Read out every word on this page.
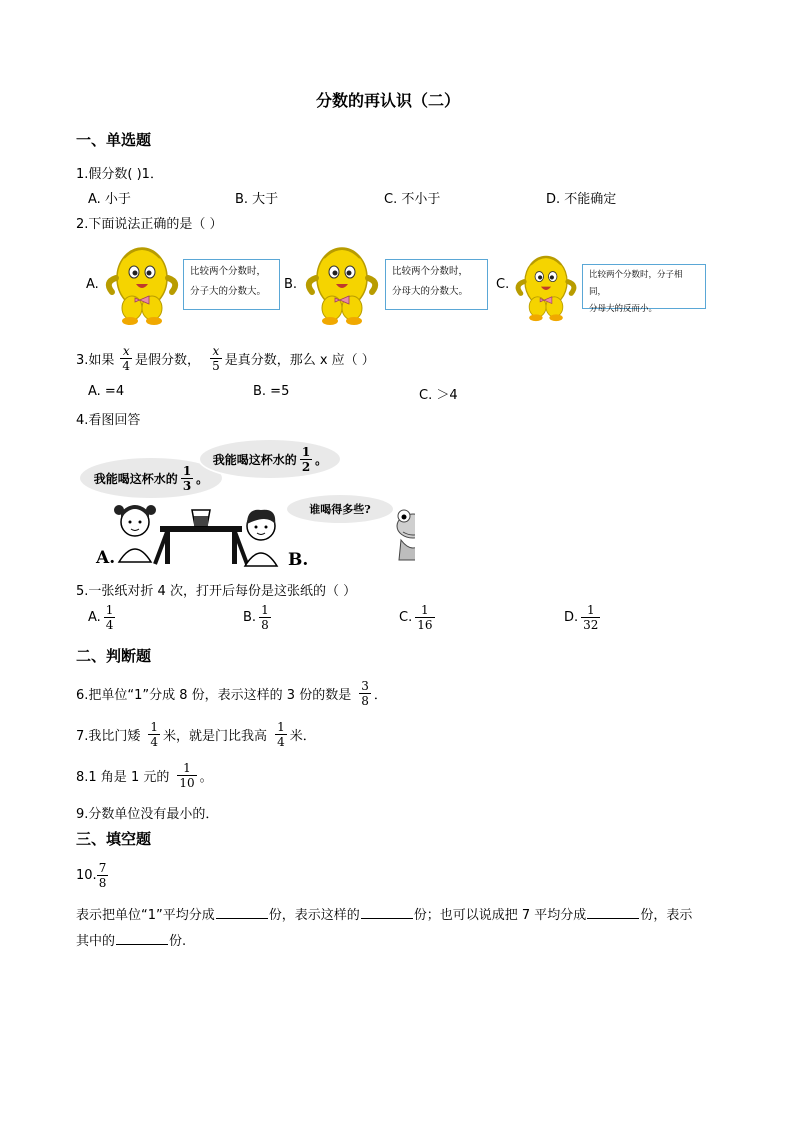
分数的再认识（二）
一、单选题
1.假分数( )1．
A. 小于	B. 大于	C. 不小于	D. 不能确定
2.下面说法正确的是（ ）
A.
比较两个分数时，
分子大的分数大。	B.
比较两个分数时，
分母大的分数大。	C.
比较两个分数时，分子相同，
分母大的反而小。
3.如果 $\frac{x}{4}$ 是假分数， $\frac{x}{5}$ 是真分数，那么 x 应（ ）
A. =4	B. =5	C. ＞4
4.看图回答
我能喝这杯水的 $\frac{1}{3}$ 。
我能喝这杯水的 $\frac{1}{2}$ 。
谁喝得多些?
A.	B.
5.一张纸对折 4 次，打开后每份是这张纸的（ ）
A. $\frac{1}{4}$	B. $\frac{1}{8}$	C. $\frac{1}{16}$	D. $\frac{1}{32}$
二、判断题
6.把单位“1”分成 8 份，表示这样的 3 份的数是 $\frac{3}{8}$ ．
7.我比门矮 $\frac{1}{4}$ 米，就是门比我高 $\frac{1}{4}$ 米．
8.1 角是 1 元的 $\frac{1}{10}$ 。
9.分数单位没有最小的．
三、填空题
10. $\frac{7}{8}$
表示把单位“1”平均分成	份，表示这样的	份；也可以说成把 7 平均分成	份，表示
其中的	份.
